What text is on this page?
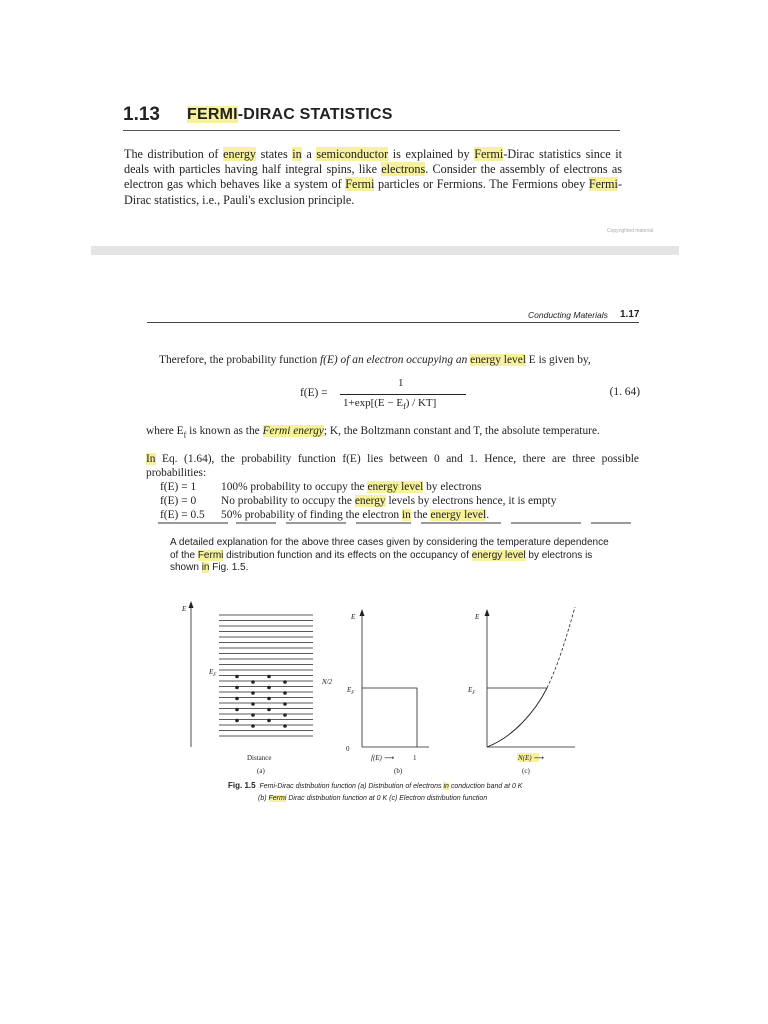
1.13 FERMI-DIRAC STATISTICS
The distribution of energy states in a semiconductor is explained by Fermi-Dirac statistics since it deals with particles having half integral spins, like electrons. Consider the assembly of electrons as electron gas which behaves like a system of Fermi particles or Fermions. The Fermions obey Fermi-Dirac statistics, i.e., Pauli's exclusion principle.
Copyrighted material
Conducting Materials 1.17
Therefore, the probability function f(E) of an electron occupying an energy level E is given by,
f(E) =
1
$1+\exp[(E - E_f) / KT]$
(1. 64)
where $E_f$ is known as the Fermi energy; K, the Boltzmann constant and T, the absolute temperature.
In Eq. (1.64), the probability function f(E) lies between 0 and 1. Hence, there are three possible probabilities:
f(E) = 1 100% probability to occupy the energy level by electrons
f(E) = 0 No probability to occupy the energy levels by electrons hence, it is empty
f(E) = 0.5 50% probability of finding the electron in the energy level.
A detailed explanation for the above three cases given by considering the temperature dependence of the Fermi distribution function and its effects on the occupancy of energy level by electrons is shown in Fig. 1.5.
E
$E_F$
N/2
Distance
(a)
E
$E_F$
0
f(E) ⟶	1
(b)
E
$E_F$
N(E) ⟶
(c)
Fig. 1.5 Femi-Dirac distribution function (a) Distribution of electrons in conduction band at 0 K
(b) Fermi Dirac distribution function at 0 K (c) Electron distribution function
